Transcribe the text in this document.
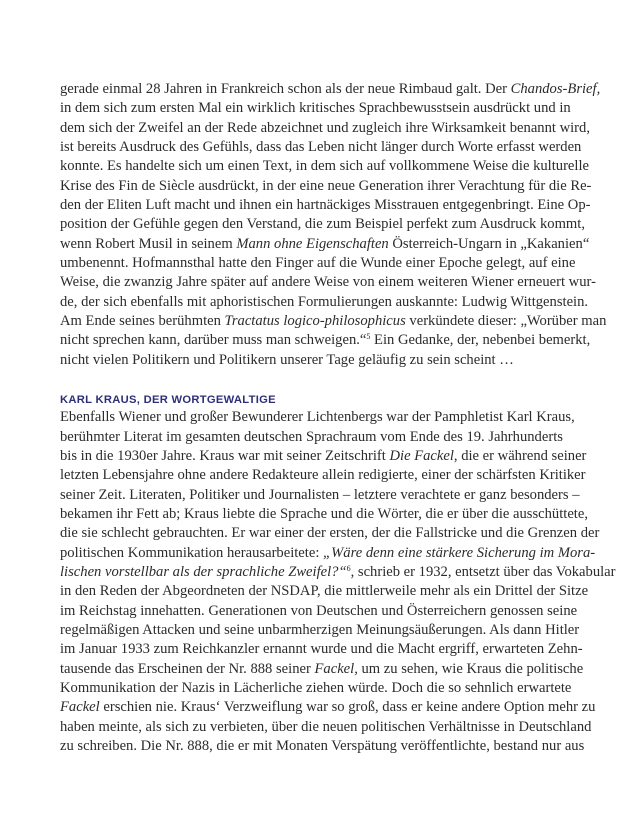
gerade einmal 28 Jahren in Frankreich schon als der neue Rimbaud galt. Der Chandos-Brief,
in dem sich zum ersten Mal ein wirklich kritisches Sprachbewusstsein ausdrückt und in
dem sich der Zweifel an der Rede abzeichnet und zugleich ihre Wirksamkeit benannt wird,
ist bereits Ausdruck des Gefühls, dass das Leben nicht länger durch Worte erfasst werden
konnte. Es handelte sich um einen Text, in dem sich auf vollkommene Weise die kulturelle
Krise des Fin de Siècle ausdrückt, in der eine neue Generation ihrer Verachtung für die Re-
den der Eliten Luft macht und ihnen ein hartnäckiges Misstrauen entgegenbringt. Eine Op-
position der Gefühle gegen den Verstand, die zum Beispiel perfekt zum Ausdruck kommt,
wenn Robert Musil in seinem Mann ohne Eigenschaften Österreich-Ungarn in „Kakanien“
umbenennt. Hofmannsthal hatte den Finger auf die Wunde einer Epoche gelegt, auf eine
Weise, die zwanzig Jahre später auf andere Weise von einem weiteren Wiener erneuert wur-
de, der sich ebenfalls mit aphoristischen Formulierungen auskannte: Ludwig Wittgenstein.
Am Ende seines berühmten Tractatus logico-philosophicus verkündete dieser: „Worüber man
nicht sprechen kann, darüber muss man schweigen.“$^5$ Ein Gedanke, der, nebenbei bemerkt,
nicht vielen Politikern und Politikern unserer Tage geläufig zu sein scheint …
KARL KRAUS, DER WORTGEWALTIGE
Ebenfalls Wiener und großer Bewunderer Lichtenbergs war der Pamphletist Karl Kraus,
berühmter Literat im gesamten deutschen Sprachraum vom Ende des 19. Jahrhunderts
bis in die 1930er Jahre. Kraus war mit seiner Zeitschrift Die Fackel, die er während seiner
letzten Lebensjahre ohne andere Redakteure allein redigierte, einer der schärfsten Kritiker
seiner Zeit. Literaten, Politiker und Journalisten – letztere verachtete er ganz besonders –
bekamen ihr Fett ab; Kraus liebte die Sprache und die Wörter, die er über die ausschüttete,
die sie schlecht gebrauchten. Er war einer der ersten, der die Fallstricke und die Grenzen der
politischen Kommunikation herausarbeitete: „Wäre denn eine stärkere Sicherung im Mora-
lischen vorstellbar als der sprachliche Zweifel?“$^6$, schrieb er 1932, entsetzt über das Vokabular
in den Reden der Abgeordneten der NSDAP, die mittlerweile mehr als ein Drittel der Sitze
im Reichstag innehatten. Generationen von Deutschen und Österreichern genossen seine
regelmäßigen Attacken und seine unbarmherzigen Meinungsäußerungen. Als dann Hitler
im Januar 1933 zum Reichkanzler ernannt wurde und die Macht ergriff, erwarteten Zehn-
tausende das Erscheinen der Nr. 888 seiner Fackel, um zu sehen, wie Kraus die politische
Kommunikation der Nazis in Lächerliche ziehen würde. Doch die so sehnlich erwartete
Fackel erschien nie. Kraus‘ Verzweiflung war so groß, dass er keine andere Option mehr zu
haben meinte, als sich zu verbieten, über die neuen politischen Verhältnisse in Deutschland
zu schreiben. Die Nr. 888, die er mit Monaten Verspätung veröffentlichte, bestand nur aus
